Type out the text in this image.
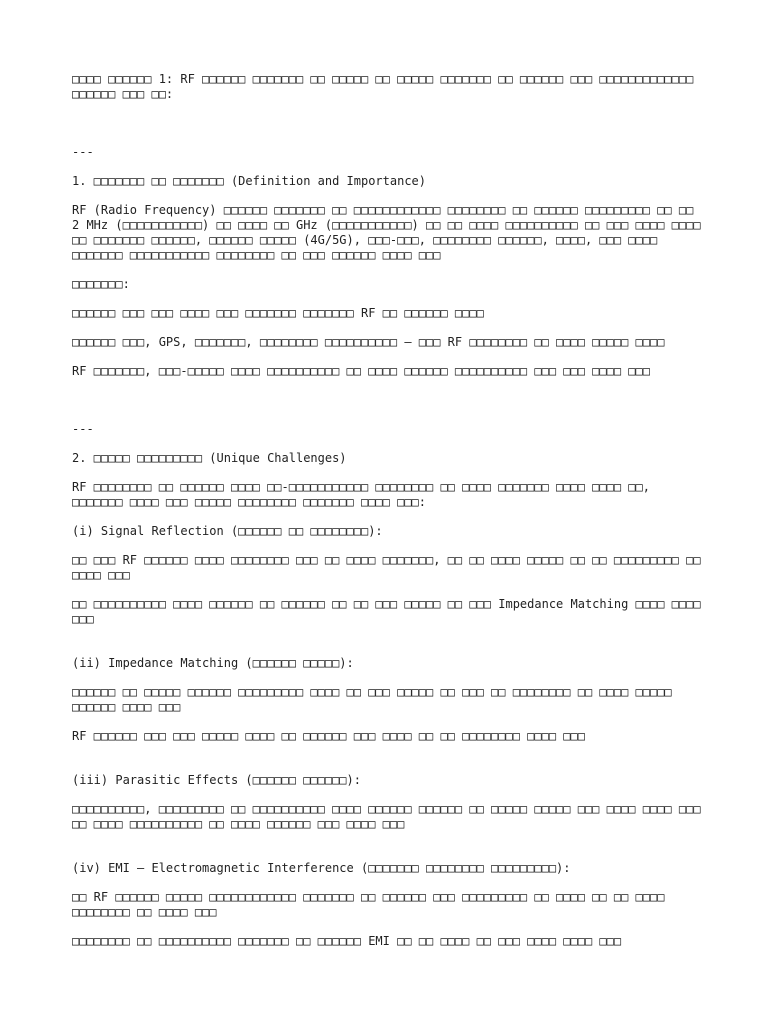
□□□□ □□□□□□ 1: RF □□□□□□ □□□□□□□ □□ □□□□□ □□ □□□□□ □□□□□□□ □□ □□□□□□ □□□ □□□□□□□□□□□□□ □□□□□□ □□□ □□:

---

1. □□□□□□□ □□ □□□□□□□ (Definition and Importance)

RF (Radio Frequency) □□□□□□ □□□□□□□ □□ □□□□□□□□□□□□ □□□□□□□□ □□ □□□□□□ □□□□□□□□□ □□ □□ 2 MHz (□□□□□□□□□□□) □□ □□□□ □□ GHz (□□□□□□□□□□□) □□ □□ □□□□ □□□□□□□□□□ □□ □□□ □□□□ □□□□ □□ □□□□□□□ □□□□□□, □□□□□□ □□□□□ (4G/5G), □□□-□□□, □□□□□□□□ □□□□□□, □□□□, □□□ □□□□ □□□□□□□ □□□□□□□□□□□ □□□□□□□□ □□ □□□ □□□□□□ □□□□ □□□

□□□□□□□:

□□□□□□ □□□ □□□ □□□□ □□□ □□□□□□□ □□□□□□□ RF □□ □□□□□□ □□□□

□□□□□□ □□□, GPS, □□□□□□□, □□□□□□□□ □□□□□□□□□□ – □□□ RF □□□□□□□□ □□ □□□□ □□□□□ □□□□

RF □□□□□□□, □□□-□□□□□ □□□□ □□□□□□□□□□ □□ □□□□ □□□□□□ □□□□□□□□□□ □□□ □□□ □□□□ □□□

---

2. □□□□□ □□□□□□□□□ (Unique Challenges)

RF □□□□□□□□ □□ □□□□□□ □□□□ □□-□□□□□□□□□□□ □□□□□□□□ □□ □□□□ □□□□□□□ □□□□ □□□□ □□, □□□□□□□ □□□□ □□□ □□□□□ □□□□□□□□ □□□□□□□ □□□□ □□□:

(i) Signal Reflection (□□□□□□ □□ □□□□□□□□):

□□ □□□ RF □□□□□□ □□□□ □□□□□□□□ □□□ □□ □□□□ □□□□□□□, □□ □□ □□□□ □□□□□ □□ □□ □□□□□□□□□ □□ □□□□ □□□

□□ □□□□□□□□□□ □□□□ □□□□□□ □□ □□□□□□ □□ □□ □□□ □□□□□ □□ □□□ Impedance Matching □□□□ □□□□ □□□

(ii) Impedance Matching (□□□□□□ □□□□□):

□□□□□□ □□ □□□□□ □□□□□□ □□□□□□□□□ □□□□ □□ □□□ □□□□□ □□ □□□ □□ □□□□□□□□ □□ □□□□ □□□□□ □□□□□□ □□□□ □□□

RF □□□□□□ □□□ □□□ □□□□□ □□□□ □□ □□□□□□ □□□ □□□□ □□ □□ □□□□□□□□ □□□□ □□□

(iii) Parasitic Effects (□□□□□□ □□□□□□):

□□□□□□□□□□, □□□□□□□□□ □□ □□□□□□□□□□ □□□□ □□□□□□ □□□□□□ □□ □□□□□ □□□□□ □□□ □□□□ □□□□ □□□ □□ □□□□ □□□□□□□□□□ □□ □□□□ □□□□□□ □□□ □□□□ □□□

(iv) EMI – Electromagnetic Interference (□□□□□□□ □□□□□□□□ □□□□□□□□□):

□□ RF □□□□□□ □□□□□ □□□□□□□□□□□□ □□□□□□□ □□ □□□□□□ □□□ □□□□□□□□□ □□ □□□□ □□ □□ □□□□ □□□□□□□□ □□ □□□□ □□□

□□□□□□□□ □□ □□□□□□□□□□ □□□□□□□ □□ □□□□□□ EMI □□ □□ □□□□ □□ □□□ □□□□ □□□□ □□□
